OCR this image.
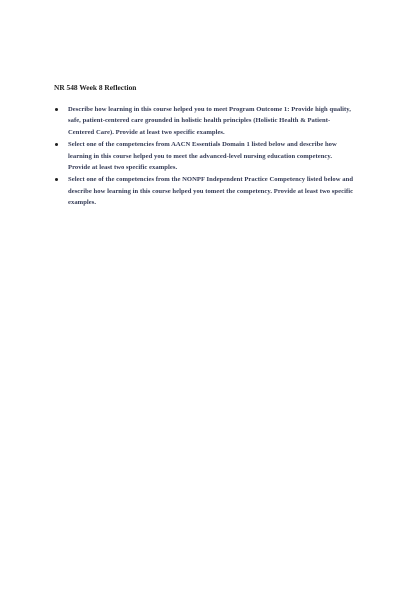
NR 548 Week 8 Reflection
Describe how learning in this course helped you to meet Program Outcome 1: Provide high quality, safe, patient-centered care grounded in holistic health principles (Holistic Health & Patient-Centered Care). Provide at least two specific examples.
Select one of the competencies from AACN Essentials Domain 1 listed below and describe how learning in this course helped you to meet the advanced-level nursing education competency. Provide at least two specific examples.
Select one of the competencies from the NONPF Independent Practice Competency listed below and describe how learning in this course helped you tomeet the competency. Provide at least two specific examples.
